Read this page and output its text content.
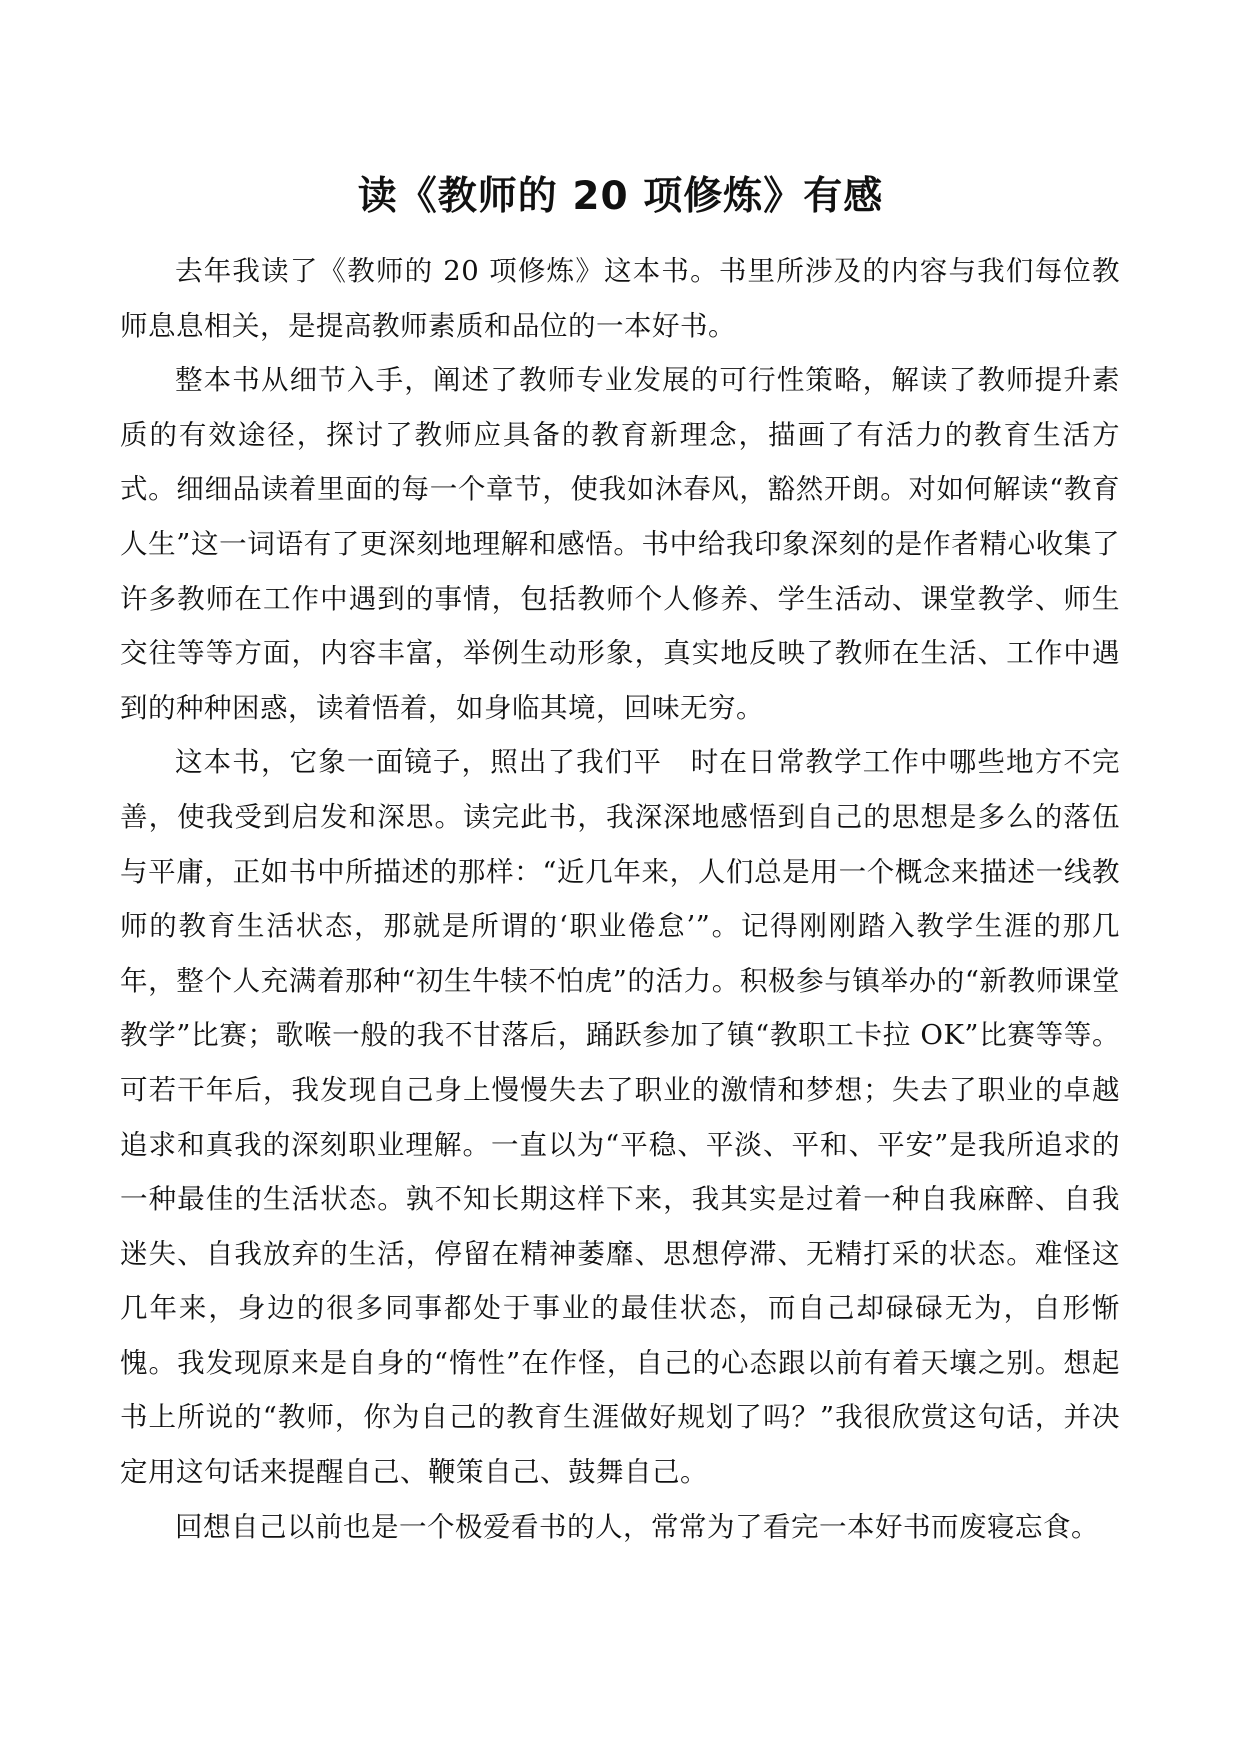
读《教师的 20 项修炼》有感

去年我读了《教师的 20 项修炼》这本书。书里所涉及的内容与我们每位教师息息相关，是提高教师素质和品位的一本好书。

整本书从细节入手，阐述了教师专业发展的可行性策略，解读了教师提升素质的有效途径，探讨了教师应具备的教育新理念，描画了有活力的教育生活方式。细细品读着里面的每一个章节，使我如沐春风，豁然开朗。对如何解读“教育人生”这一词语有了更深刻地理解和感悟。书中给我印象深刻的是作者精心收集了许多教师在工作中遇到的事情，包括教师个人修养、学生活动、课堂教学、师生交往等等方面，内容丰富，举例生动形象，真实地反映了教师在生活、工作中遇到的种种困惑，读着悟着，如身临其境，回味无穷。

这本书，它象一面镜子，照出了我们平　时在日常教学工作中哪些地方不完善，使我受到启发和深思。读完此书，我深深地感悟到自己的思想是多么的落伍与平庸，正如书中所描述的那样：“近几年来，人们总是用一个概念来描述一线教师的教育生活状态，那就是所谓的‘职业倦怠’”。记得刚刚踏入教学生涯的那几年，整个人充满着那种“初生牛犊不怕虎”的活力。积极参与镇举办的“新教师课堂教学”比赛；歌喉一般的我不甘落后，踊跃参加了镇“教职工卡拉 OK”比赛等等。可若干年后，我发现自己身上慢慢失去了职业的激情和梦想；失去了职业的卓越追求和真我的深刻职业理解。一直以为“平稳、平淡、平和、平安”是我所追求的一种最佳的生活状态。孰不知长期这样下来，我其实是过着一种自我麻醉、自我迷失、自我放弃的生活，停留在精神萎靡、思想停滞、无精打采的状态。难怪这几年来，身边的很多同事都处于事业的最佳状态，而自己却碌碌无为，自形惭愧。我发现原来是自身的“惰性”在作怪，自己的心态跟以前有着天壤之别。想起书上所说的“教师，你为自己的教育生涯做好规划了吗？”我很欣赏这句话，并决定用这句话来提醒自己、鞭策自己、鼓舞自己。

回想自己以前也是一个极爱看书的人，常常为了看完一本好书而废寝忘食。
